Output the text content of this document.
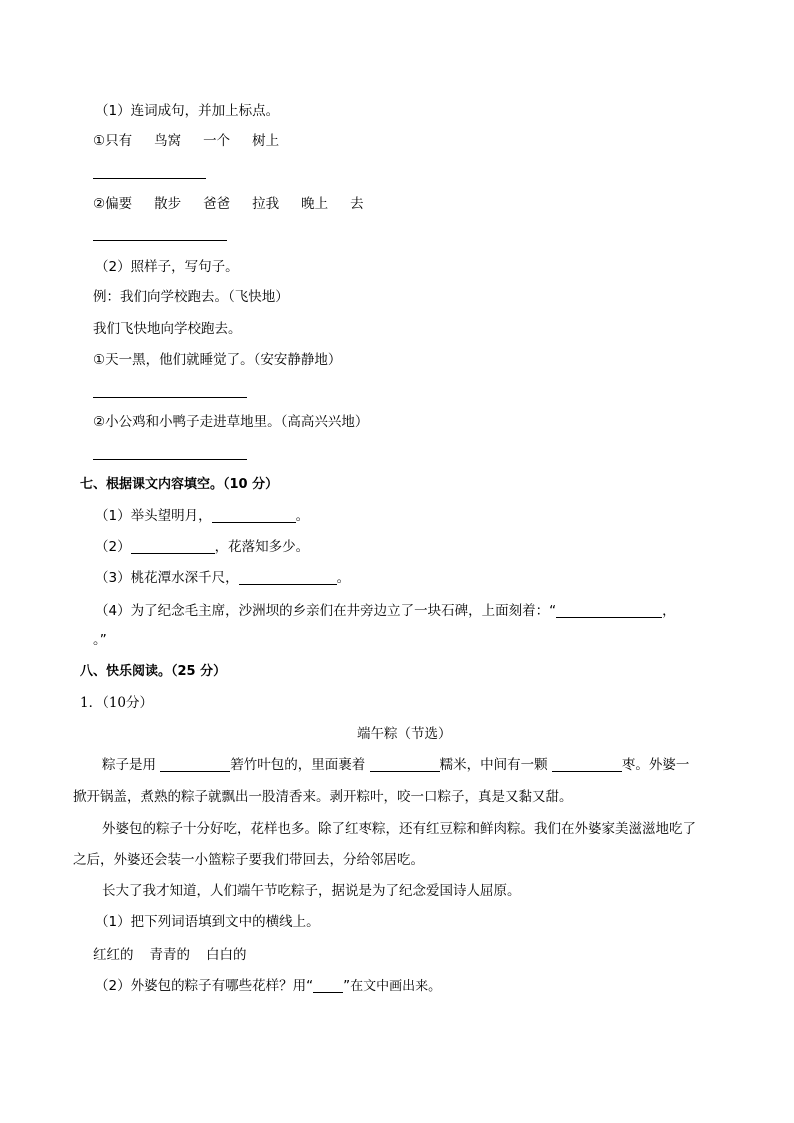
（1）连词成句，并加上标点。
①只有 鸟窝 一个 树上
②偏要 散步 爸爸 拉我 晚上 去
（2）照样子，写句子。
例：我们向学校跑去。（飞快地）
我们飞快地向学校跑去。
①天一黑，他们就睡觉了。（安安静静地）
②小公鸡和小鸭子走进草地里。（高高兴兴地）
七、根据课文内容填空。（10 分）
（1）举头望明月，	。
（2）	，花落知多少。
（3）桃花潭水深千尺，	。
（4）为了纪念毛主席，沙洲坝的乡亲们在井旁边立了一块石碑，上面刻着：“	，
。”
八、快乐阅读。（25 分）
1．（10分）
端午粽（节选）
粽子是用	箬竹叶包的，里面裹着	糯米，中间有一颗	枣。外婆一
掀开锅盖，煮熟的粽子就飘出一股清香来。剥开粽叶，咬一口粽子，真是又黏又甜。
外婆包的粽子十分好吃，花样也多。除了红枣粽，还有红豆粽和鲜肉粽。我们在外婆家美滋滋地吃了
之后，外婆还会装一小篮粽子要我们带回去，分给邻居吃。
长大了我才知道，人们端午节吃粽子，据说是为了纪念爱国诗人屈原。
（1）把下列词语填到文中的横线上。
红红的 青青的 白白的
（2）外婆包的粽子有哪些花样？用“ ”在文中画出来。
